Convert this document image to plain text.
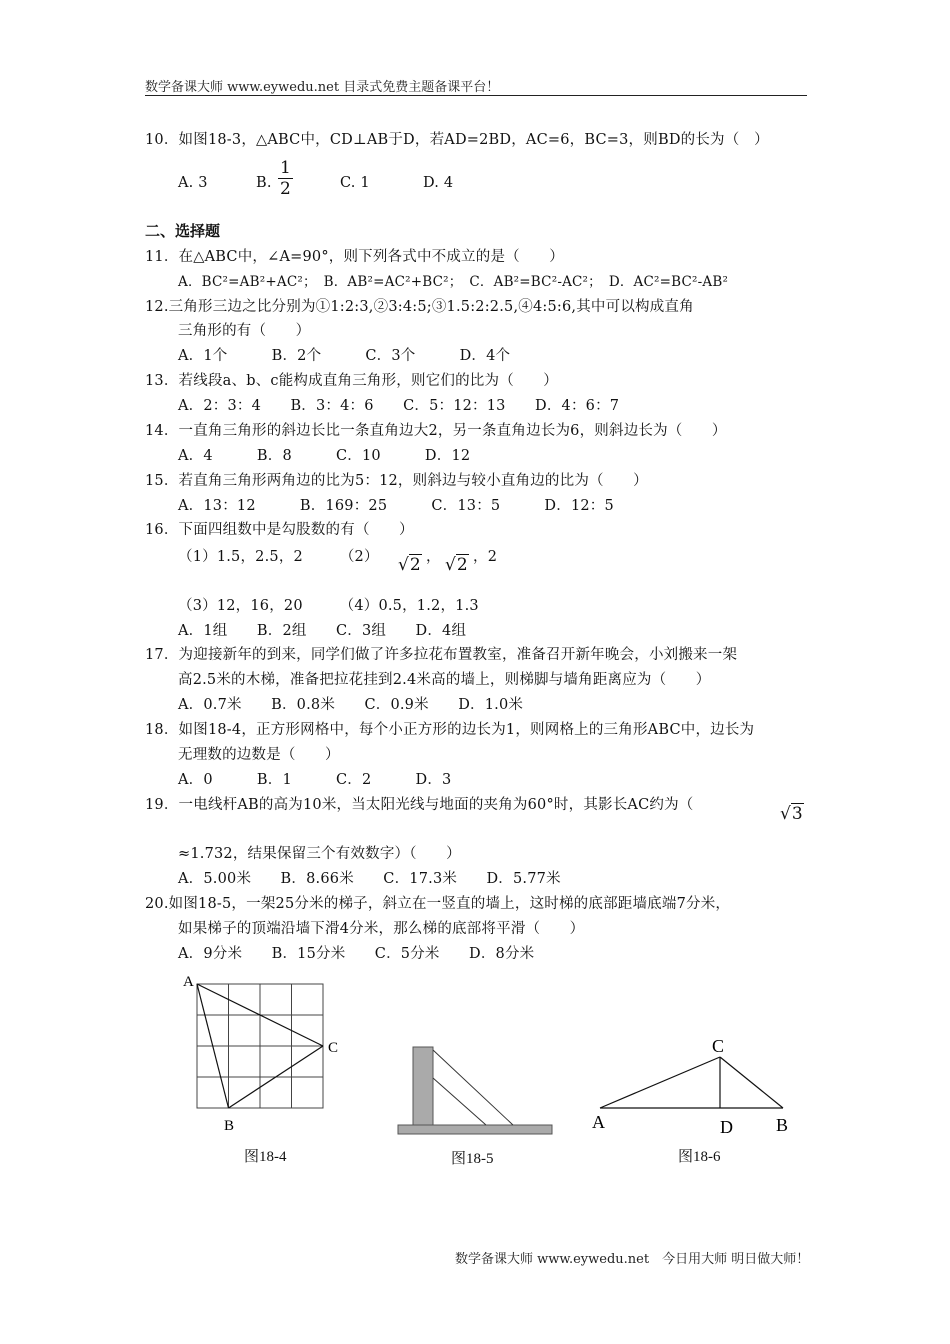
数学备课大师 www.eywedu.net 目录式免费主题备课平台！
10．如图18-3，△ABC中，CD⊥AB于D，若AD=2BD，AC=6，BC=3，则BD的长为（　）
A. 3	B. $\frac{1}{2}$	C. 1	D. 4
二、选择题
11．在△ABC中，∠A=90°，则下列各式中不成立的是（　　）
A．BC²=AB²+AC²；　B．AB²=AC²+BC²；　C．AB²=BC²-AC²；　D．AC²=BC²-AB²
12.三角形三边之比分别为①1:2:3,②3:4:5;③1.5:2:2.5,④4:5:6,其中可以构成直角
三角形的有（　　）
A．1个　　　B．2个　　　C．3个　　　D．4个
13．若线段a、b、c能构成直角三角形，则它们的比为（　　）
A．2：3：4　　B．3：4：6　　C．5：12：13　　D．4：6：7
14．一直角三角形的斜边长比一条直角边大2，另一条直角边长为6，则斜边长为（　　）
A．4　　　B．8　　　C．10　　　D．12
15．若直角三角形两角边的比为5：12，则斜边与较小直角边的比为（　　）
A．13：12　　　B．169：25　　　C．13：5　　　D．12：5
16．下面四组数中是勾股数的有（　　）
（1）1.5，2.5，2　　　（2） √2 ， √2 ，2
（3）12，16，20　　　（4）0.5，1.2，1.3
A．1组　　B．2组　　C．3组　　D．4组
17．为迎接新年的到来，同学们做了许多拉花布置教室，准备召开新年晚会，小刘搬来一架
高2.5米的木梯，准备把拉花挂到2.4米高的墙上，则梯脚与墙角距离应为（　　）
A．0.7米　　B．0.8米　　C．0.9米　　D．1.0米
18．如图18-4，正方形网格中，每个小正方形的边长为1，则网格上的三角形ABC中，边长为
无理数的边数是（　　）
A．0　　　B．1　　　C．2　　　D．3
19．一电线杆AB的高为10米，当太阳光线与地面的夹角为60°时，其影长AC约为（	√3
≈1.732，结果保留三个有效数字）（　　）
A．5.00米　　B．8.66米　　C．17.3米　　D．5.77米
20.如图18-5，一架25分米的梯子，斜立在一竖直的墙上，这时梯的底部距墙底端7分米，
如果梯子的顶端沿墙下滑4分米，那么梯的底部将平滑（　　）
A．9分米　　B．15分米　　C．5分米　　D．8分米
A
B
C
A
C
D B
图18-4	图18-5	图18-6
数学备课大师 www.eywedu.net　今日用大师 明日做大师！
